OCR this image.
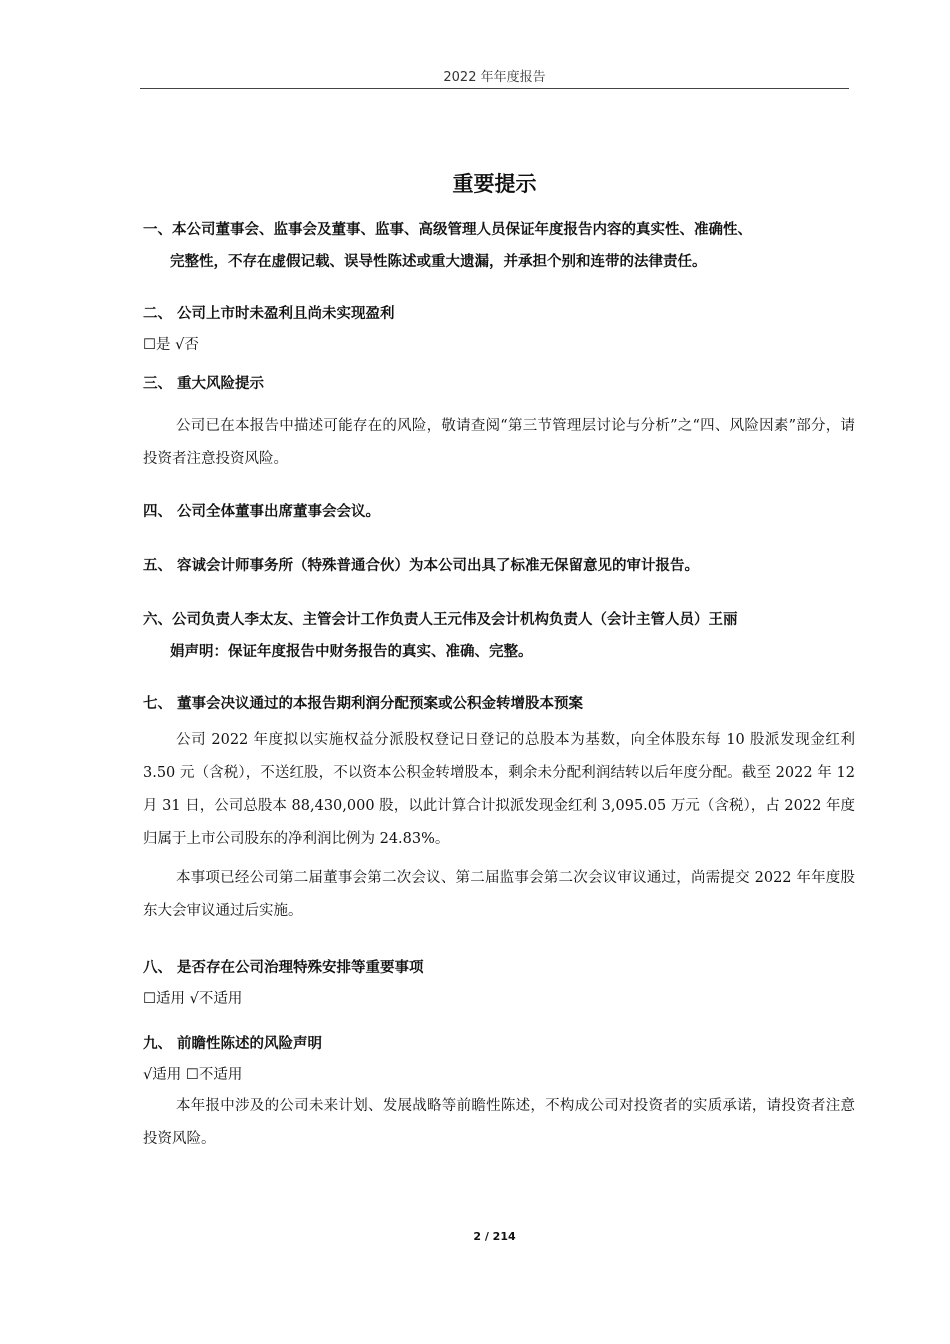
2022 年年度报告
重要提示
一、本公司董事会、监事会及董事、监事、高级管理人员保证年度报告内容的真实性、准确性、
完整性，不存在虚假记载、误导性陈述或重大遗漏，并承担个别和连带的法律责任。
二、 公司上市时未盈利且尚未实现盈利
☐是 √否
三、 重大风险提示
公司已在本报告中描述可能存在的风险，敬请查阅“第三节管理层讨论与分析”之“四、风险因素”部分，请投资者注意投资风险。
四、 公司全体董事出席董事会会议。
五、 容诚会计师事务所（特殊普通合伙）为本公司出具了标准无保留意见的审计报告。
六、公司负责人李太友、主管会计工作负责人王元伟及会计机构负责人（会计主管人员）王丽
娟声明：保证年度报告中财务报告的真实、准确、完整。
七、 董事会决议通过的本报告期利润分配预案或公积金转增股本预案
公司 2022 年度拟以实施权益分派股权登记日登记的总股本为基数，向全体股东每 10 股派发现金红利 3.50 元（含税），不送红股，不以资本公积金转增股本，剩余未分配利润结转以后年度分配。截至 2022 年 12 月 31 日，公司总股本 88,430,000 股，以此计算合计拟派发现金红利 3,095.05 万元（含税），占 2022 年度归属于上市公司股东的净利润比例为 24.83%。
本事项已经公司第二届董事会第二次会议、第二届监事会第二次会议审议通过，尚需提交 2022 年年度股东大会审议通过后实施。
八、 是否存在公司治理特殊安排等重要事项
☐适用 √不适用
九、 前瞻性陈述的风险声明
√适用 ☐不适用
本年报中涉及的公司未来计划、发展战略等前瞻性陈述，不构成公司对投资者的实质承诺，请投资者注意投资风险。
2 / 214
